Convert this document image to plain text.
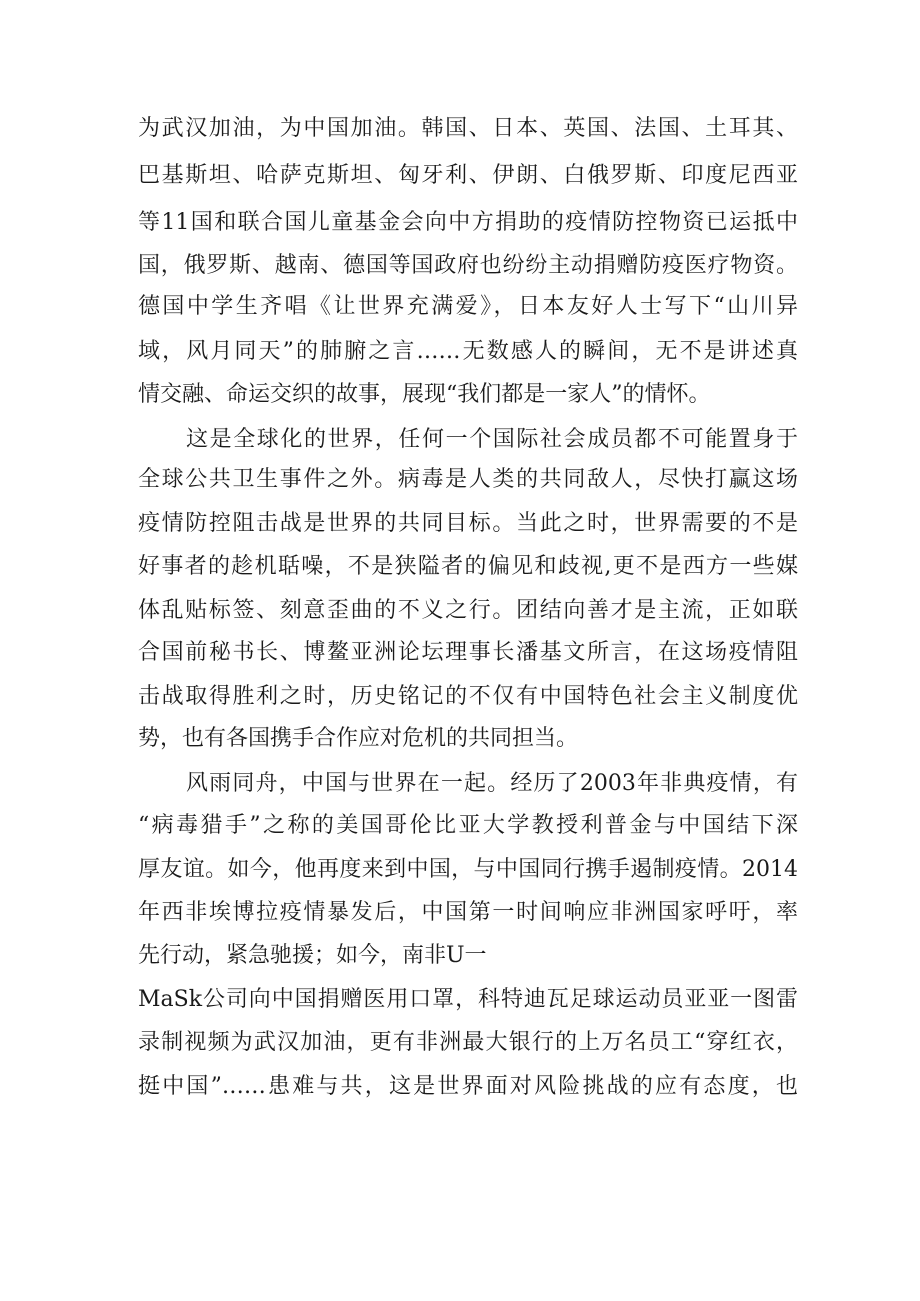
为武汉加油，为中国加油。韩国、日本、英国、法国、土耳其、
巴基斯坦、哈萨克斯坦、匈牙利、伊朗、白俄罗斯、印度尼西亚
等11国和联合国儿童基金会向中方捐助的疫情防控物资已运抵中
国，俄罗斯、越南、德国等国政府也纷纷主动捐赠防疫医疗物资。
德国中学生齐唱《让世界充满爱》，日本友好人士写下“山川异
域，风月同天”的肺腑之言……无数感人的瞬间，无不是讲述真
情交融、命运交织的故事，展现“我们都是一家人”的情怀。
这是全球化的世界，任何一个国际社会成员都不可能置身于
全球公共卫生事件之外。病毒是人类的共同敌人，尽快打赢这场
疫情防控阻击战是世界的共同目标。当此之时，世界需要的不是
好事者的趁机聒噪，不是狭隘者的偏见和歧视,更不是西方一些媒
体乱贴标签、刻意歪曲的不义之行。团结向善才是主流，正如联
合国前秘书长、博鳌亚洲论坛理事长潘基文所言，在这场疫情阻
击战取得胜利之时，历史铭记的不仅有中国特色社会主义制度优
势，也有各国携手合作应对危机的共同担当。
风雨同舟，中国与世界在一起。经历了2003年非典疫情，有
“病毒猎手”之称的美国哥伦比亚大学教授利普金与中国结下深
厚友谊。如今，他再度来到中国，与中国同行携手遏制疫情。2014
年西非埃博拉疫情暴发后，中国第一时间响应非洲国家呼吁，率
先行动，紧急驰援；如今，南非U一
MaSk公司向中国捐赠医用口罩，科特迪瓦足球运动员亚亚一图雷
录制视频为武汉加油，更有非洲最大银行的上万名员工“穿红衣，
挺中国”……患难与共，这是世界面对风险挑战的应有态度，也
